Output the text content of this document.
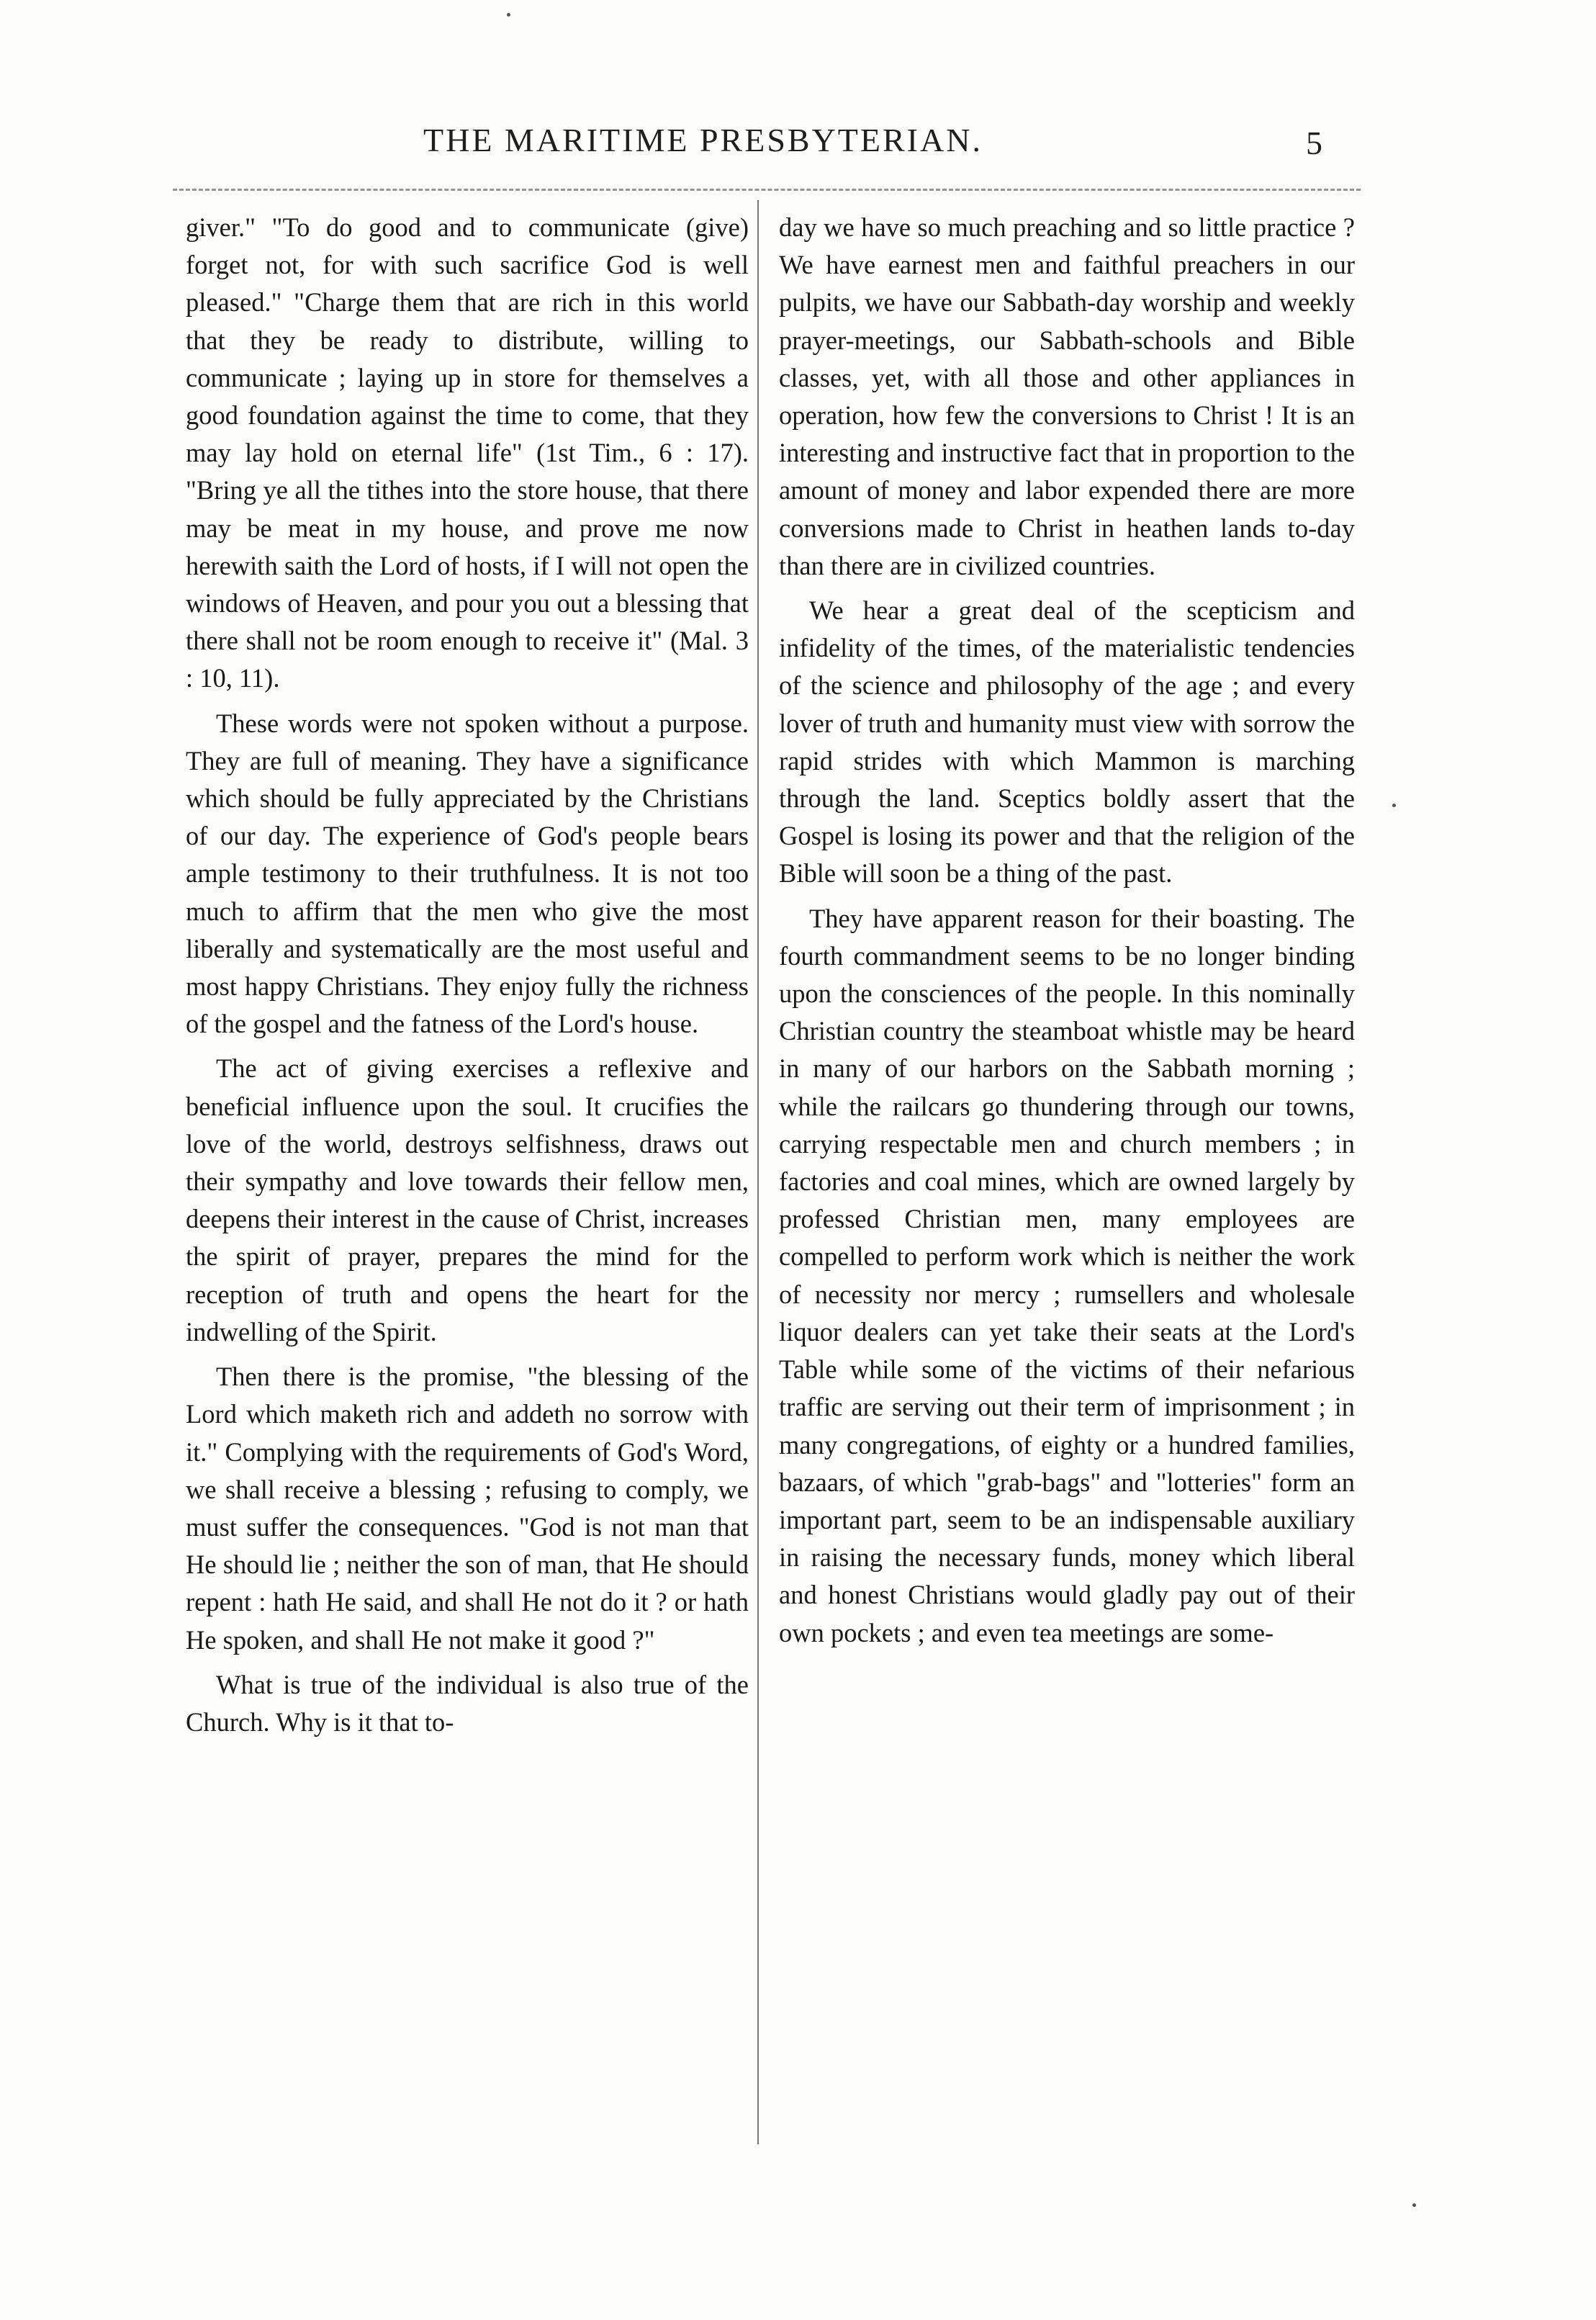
THE MARITIME PRESBYTERIAN.	5

giver." "To do good and to communicate (give) forget not, for with such sacrifice God is well pleased." "Charge them that are rich in this world that they be ready to distribute, willing to communicate ; laying up in store for themselves a good foundation against the time to come, that they may lay hold on eternal life" (1st Tim., 6 : 17). "Bring ye all the tithes into the store house, that there may be meat in my house, and prove me now herewith saith the Lord of hosts, if I will not open the windows of Heaven, and pour you out a blessing that there shall not be room enough to receive it" (Mal. 3 : 10, 11).

These words were not spoken without a purpose. They are full of meaning. They have a significance which should be fully appreciated by the Christians of our day. The experience of God's people bears ample testimony to their truthfulness. It is not too much to affirm that the men who give the most liberally and systematically are the most useful and most happy Christians. They enjoy fully the richness of the gospel and the fatness of the Lord's house.

The act of giving exercises a reflexive and beneficial influence upon the soul. It crucifies the love of the world, destroys selfishness, draws out their sympathy and love towards their fellow men, deepens their interest in the cause of Christ, increases the spirit of prayer, prepares the mind for the reception of truth and opens the heart for the indwelling of the Spirit.

Then there is the promise, "the blessing of the Lord which maketh rich and addeth no sorrow with it." Complying with the requirements of God's Word, we shall receive a blessing ; refusing to comply, we must suffer the consequences. "God is not man that He should lie ; neither the son of man, that He should repent : hath He said, and shall He not do it ? or hath He spoken, and shall He not make it good ?"

What is true of the individual is also true of the Church. Why is it that to-

day we have so much preaching and so little practice ? We have earnest men and faithful preachers in our pulpits, we have our Sabbath-day worship and weekly prayer-meetings, our Sabbath-schools and Bible classes, yet, with all those and other appliances in operation, how few the conversions to Christ ! It is an interesting and instructive fact that in proportion to the amount of money and labor expended there are more conversions made to Christ in heathen lands to-day than there are in civilized countries.

We hear a great deal of the scepticism and infidelity of the times, of the materialistic tendencies of the science and philosophy of the age ; and every lover of truth and humanity must view with sorrow the rapid strides with which Mammon is marching through the land. Sceptics boldly assert that the Gospel is losing its power and that the religion of the Bible will soon be a thing of the past.

They have apparent reason for their boasting. The fourth commandment seems to be no longer binding upon the consciences of the people. In this nominally Christian country the steamboat whistle may be heard in many of our harbors on the Sabbath morning ; while the railcars go thundering through our towns, carrying respectable men and church members ; in factories and coal mines, which are owned largely by professed Christian men, many employees are compelled to perform work which is neither the work of necessity nor mercy ; rumsellers and wholesale liquor dealers can yet take their seats at the Lord's Table while some of the victims of their nefarious traffic are serving out their term of imprisonment ; in many congregations, of eighty or a hundred families, bazaars, of which "grab-bags" and "lotteries" form an important part, seem to be an indispensable auxiliary in raising the necessary funds, money which liberal and honest Christians would gladly pay out of their own pockets ; and even tea meetings are some-
